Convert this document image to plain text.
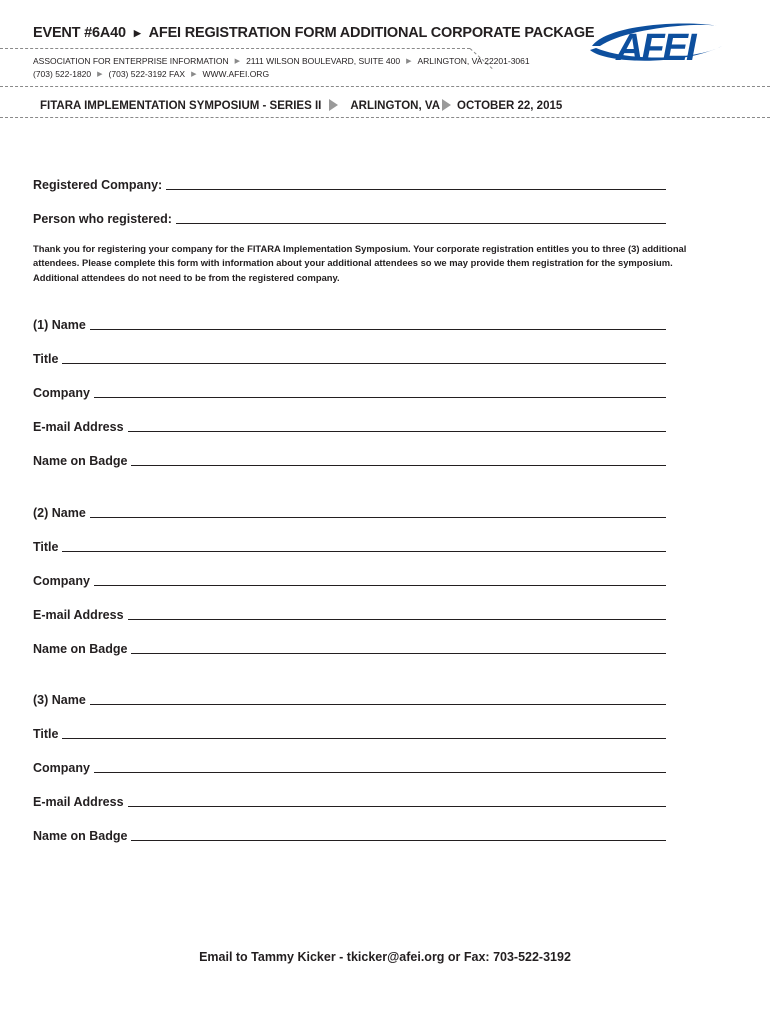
EVENT #6A40 ▶ AFEI REGISTRATION FORM ADDITIONAL CORPORATE PACKAGE AFEI
ASSOCIATION FOR ENTERPRISE INFORMATION ▶ 2111 WILSON BOULEVARD, SUITE 400 ▶ ARLINGTON, VA 22201-3061
(703) 522-1820 ▶ (703) 522-3192 FAX ▶ WWW.AFEI.ORG
FITARA IMPLEMENTATION SYMPOSIUM - SERIES II	ARLINGTON, VA OCTOBER 22, 2015
Registered Company:
Person who registered:
Thank you for registering your company for the FITARA Implementation Symposium. Your corporate registration entitles you to three (3) additional
attendees. Please complete this form with information about your additional attendees so we may provide them registration for the symposium.
Additional attendees do not need to be from the registered company.
(1) Name
Title
Company
E-mail Address
Name on Badge
(2) Name
Title
Company
E-mail Address
Name on Badge
(3) Name
Title
Company
E-mail Address
Name on Badge
Email to Tammy Kicker - tkicker@afei.org or Fax: 703-522-3192
